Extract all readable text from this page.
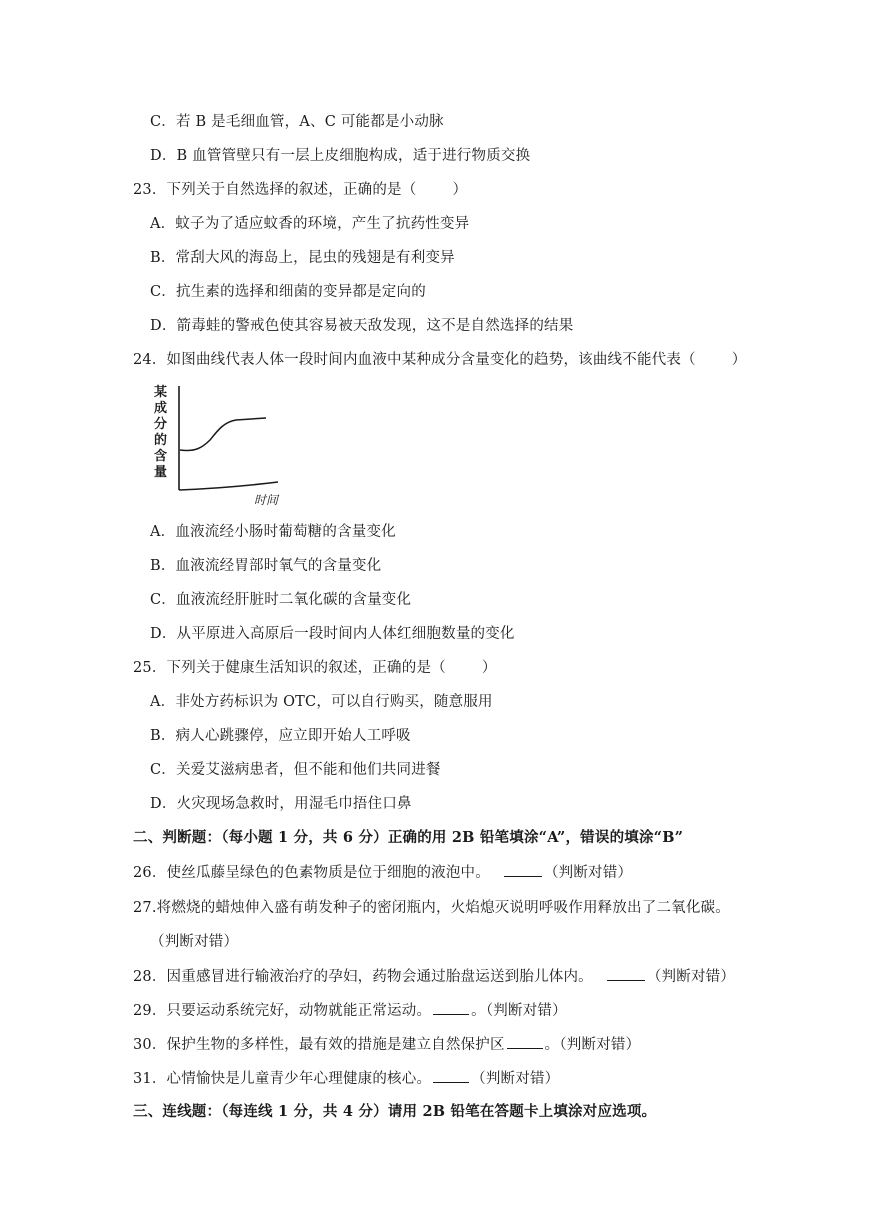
C．若 B 是毛细血管，A、C 可能都是小动脉
D．B 血管管壁只有一层上皮细胞构成，适于进行物质交换
23．下列关于自然选择的叙述，正确的是（ ）
A．蚊子为了适应蚊香的环境，产生了抗药性变异
B．常刮大风的海岛上，昆虫的残翅是有利变异
C．抗生素的选择和细菌的变异都是定向的
D．箭毒蛙的警戒色使其容易被天敌发现，这不是自然选择的结果
24．如图曲线代表人体一段时间内血液中某种成分含量变化的趋势，该曲线不能代表（ ）
某
成
分
的
含
量
时间
A．血液流经小肠时葡萄糖的含量变化
B．血液流经胃部时氧气的含量变化
C．血液流经肝脏时二氧化碳的含量变化
D．从平原进入高原后一段时间内人体红细胞数量的变化
25．下列关于健康生活知识的叙述，正确的是（ ）
A．非处方药标识为 OTC，可以自行购买，随意服用
B．病人心跳骤停，应立即开始人工呼吸
C．关爱艾滋病患者，但不能和他们共同进餐
D．火灾现场急救时，用湿毛巾捂住口鼻
二、判断题：（每小题 1 分，共 6 分）正确的用 2B 铅笔填涂“A”，错误的填涂“B”
26．使丝瓜藤呈绿色的色素物质是位于细胞的液泡中。	（判断对错）
27.将燃烧的蜡烛伸入盛有萌发种子的密闭瓶内，火焰熄灭说明呼吸作用释放出了二氧化碳。
（判断对错）
28．因重感冒进行输液治疗的孕妇，药物会通过胎盘运送到胎儿体内。	（判断对错）
29．只要运动系统完好，动物就能正常运动。	。（判断对错）
30．保护生物的多样性，最有效的措施是建立自然保护区	。（判断对错）
31．心情愉快是儿童青少年心理健康的核心。	（判断对错）
三、连线题：（每连线 1 分，共 4 分）请用 2B 铅笔在答题卡上填涂对应选项。
